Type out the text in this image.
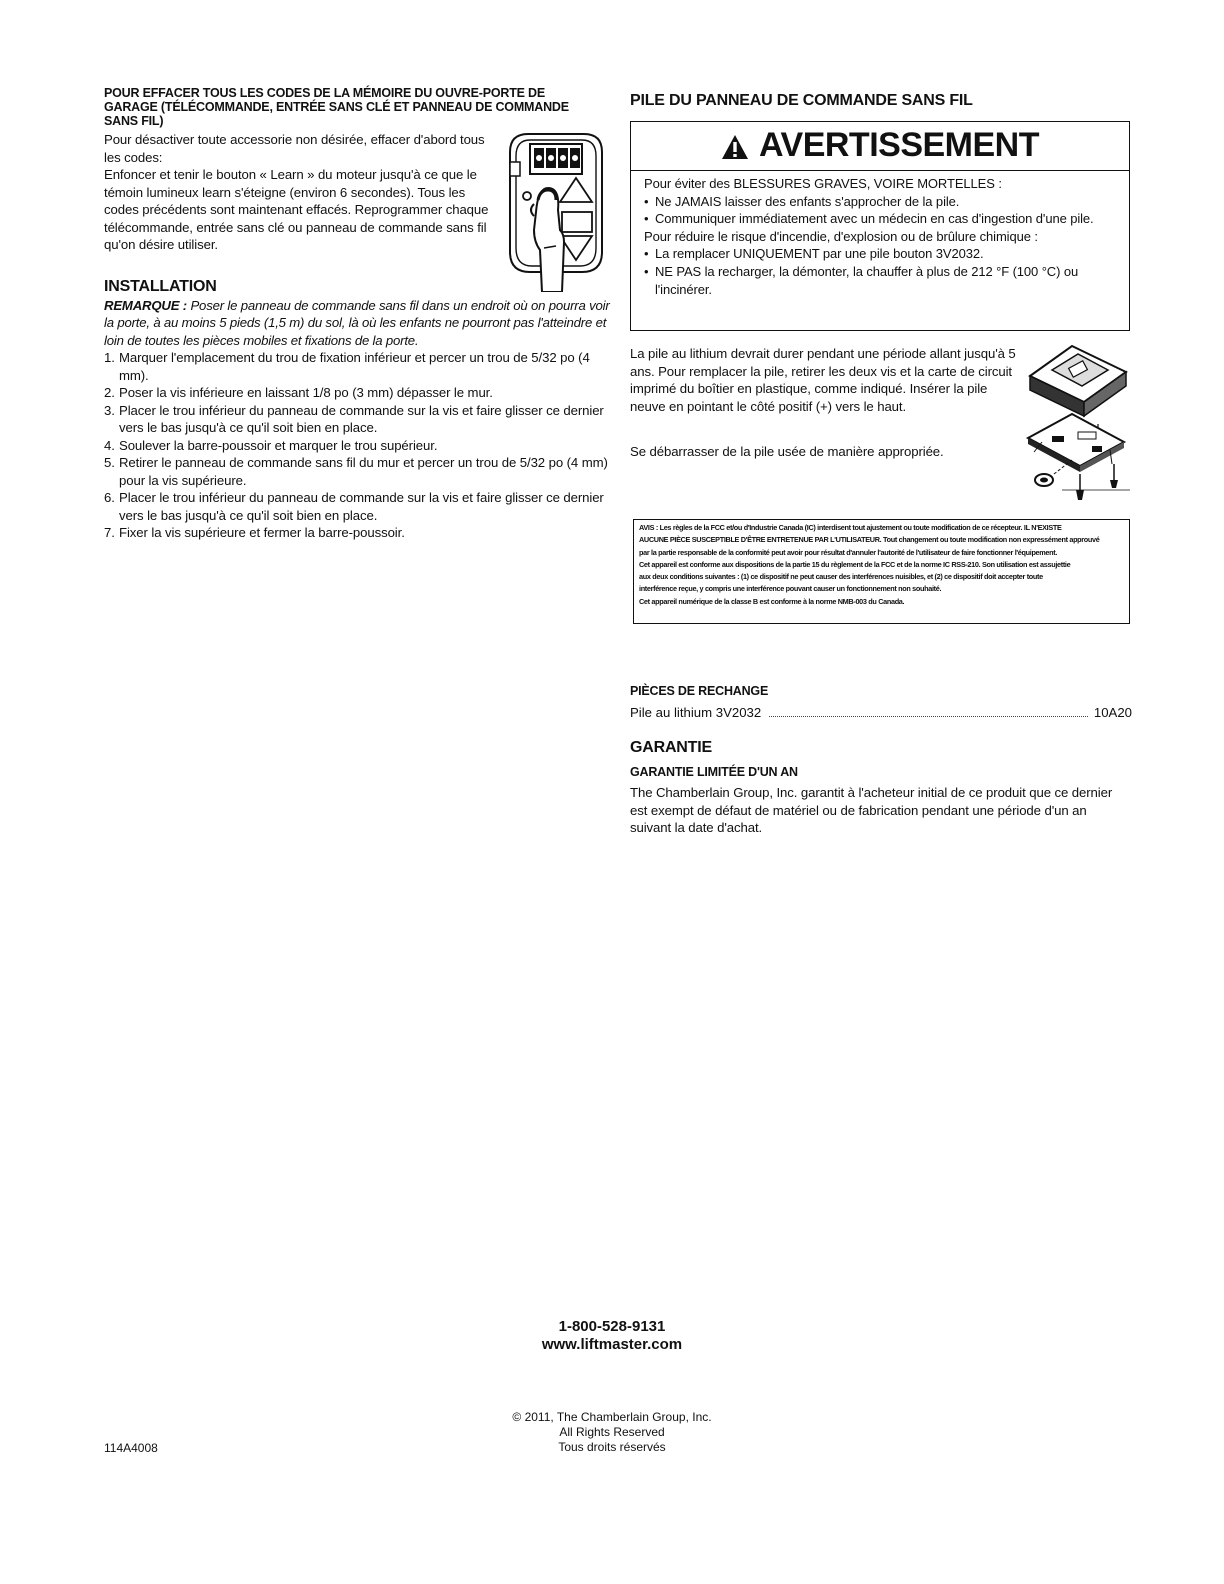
POUR EFFACER TOUS LES CODES DE LA MÉMOIRE DU OUVRE-PORTE DE GARAGE (TÉLÉCOMMANDE, ENTRÉE SANS CLÉ ET PANNEAU DE COMMANDE SANS FIL)

Pour désactiver toute accessorie non désirée, effacer d'abord tous les codes:

Enfoncer et tenir le bouton « Learn » du moteur jusqu'à ce que le témoin lumineux learn s'éteigne (environ 6 secondes). Tous les codes précédents sont maintenant effacés. Reprogrammer chaque télécommande, entrée sans clé ou panneau de commande sans fil qu'on désire utiliser.

INSTALLATION

REMARQUE : Poser le panneau de commande sans fil dans un endroit où on pourra voir la porte, à au moins 5 pieds (1,5 m) du sol, là où les enfants ne pourront pas l'atteindre et loin de toutes les pièces mobiles et fixations de la porte.

1. Marquer l'emplacement du trou de fixation inférieur et percer un trou de 5/32 po (4 mm).
2. Poser la vis inférieure en laissant 1/8 po (3 mm) dépasser le mur.
3. Placer le trou inférieur du panneau de commande sur la vis et faire glisser ce dernier vers le bas jusqu'à ce qu'il soit bien en place.
4. Soulever la barre-poussoir et marquer le trou supérieur.
5. Retirer le panneau de commande sans fil du mur et percer un trou de 5/32 po (4 mm) pour la vis supérieure.
6. Placer le trou inférieur du panneau de commande sur la vis et faire glisser ce dernier vers le bas jusqu'à ce qu'il soit bien en place.
7. Fixer la vis supérieure et fermer la barre-poussoir.

PILE DU PANNEAU DE COMMANDE SANS FIL

AVERTISSEMENT

Pour éviter des BLESSURES GRAVES, VOIRE MORTELLES :

• Ne JAMAIS laisser des enfants s'approcher de la pile.

• Communiquer immédiatement avec un médecin en cas d'ingestion d'une pile.

Pour réduire le risque d'incendie, d'explosion ou de brûlure chimique :

• La remplacer UNIQUEMENT par une pile bouton 3V2032.

• NE PAS la recharger, la démonter, la chauffer à plus de 212 °F (100 °C) ou l'incinérer.

La pile au lithium devrait durer pendant une période allant jusqu'à 5 ans. Pour remplacer la pile, retirer les deux vis et la carte de circuit imprimé du boîtier en plastique, comme indiqué. Insérer la pile neuve en pointant le côté positif (+) vers le haut.

Se débarrasser de la pile usée de manière appropriée.

AVIS : Les règles de la FCC et/ou d'Industrie Canada (IC) interdisent tout ajustement ou toute modification de ce récepteur. IL N'EXISTE

AUCUNE PIÈCE SUSCEPTIBLE D'ÊTRE ENTRETENUE PAR L'UTILISATEUR. Tout changement ou toute modification non expressément approuvé

par la partie responsable de la conformité peut avoir pour résultat d'annuler l'autorité de l'utilisateur de faire fonctionner l'équipement.

Cet appareil est conforme aux dispositions de la partie 15 du règlement de la FCC et de la norme IC RSS-210. Son utilisation est assujettie

aux deux conditions suivantes : (1) ce dispositif ne peut causer des interférences nuisibles, et (2) ce dispositif doit accepter toute

interférence reçue, y compris une interférence pouvant causer un fonctionnement non souhaité.

Cet appareil numérique de la classe B est conforme à la norme NMB-003 du Canada.

PIÈCES DE RECHANGE

Pile au lithium 3V2032	10A20

GARANTIE

GARANTIE LIMITÉE D'UN AN

The Chamberlain Group, Inc. garantit à l'acheteur initial de ce produit que ce dernier est exempt de défaut de matériel ou de fabrication pendant une période d'un an suivant la date d'achat.

1-800-528-9131
www.liftmaster.com
© 2011, The Chamberlain Group, Inc.
All Rights Reserved
Tous droits réservés
114A4008
